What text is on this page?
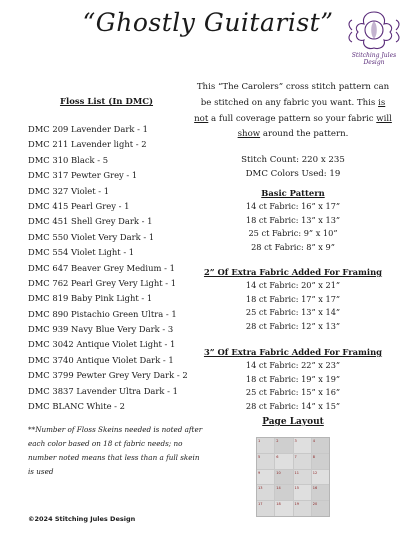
“Ghostly Guitarist”
Stitching Jules Design
Floss List (In DMC)
DMC 209 Lavender Dark - 1
DMC 211 Lavender light - 2
DMC 310 Black - 5
DMC 317 Pewter Grey - 1
DMC 327 Violet - 1
DMC 415 Pearl Grey - 1
DMC 451 Shell Grey Dark - 1
DMC 550 Violet Very Dark - 1
DMC 554 Violet Light - 1
DMC 647 Beaver Grey Medium - 1
DMC 762 Pearl Grey Very Light - 1
DMC 819 Baby Pink Light - 1
DMC 890 Pistachio Green Ultra - 1
DMC 939 Navy Blue Very Dark - 3
DMC 3042 Antique Violet Light - 1
DMC 3740 Antique Violet Dark - 1
DMC 3799 Pewter Grey Very Dark - 2
DMC 3837 Lavender Ultra Dark - 1
DMC BLANC White - 2
This “The Carolers” cross stitch pattern can be stitched on any fabric you want. This is not a full coverage pattern so your fabric will show around the pattern.
Stitch Count: 220 x 235
DMC Colors Used: 19
Basic Pattern
14 ct Fabric: 16” x 17”
18 ct Fabric: 13” x 13”
25 ct Fabric: 9” x 10”
28 ct Fabric: 8” x 9”
2” Of Extra Fabric Added For Framing
14 ct Fabric: 20” x 21”
18 ct Fabric: 17” x 17”
25 ct Fabric: 13” x 14”
28 ct Fabric: 12” x 13”
3” Of Extra Fabric Added For Framing
14 ct Fabric: 22” x 23”
18 ct Fabric: 19” x 19”
25 ct Fabric: 15” x 16”
28 ct Fabric: 14” x 15”
**Number of Floss Skeins needed is noted after each color based on 18 ct fabric needs; no number noted means that less than a full skein is used
Page Layout
1	2	3	4
5	6	7	8
9	10	11	12
13	14	15	16
17	18	19	20
©2024 Stitching Jules Design
